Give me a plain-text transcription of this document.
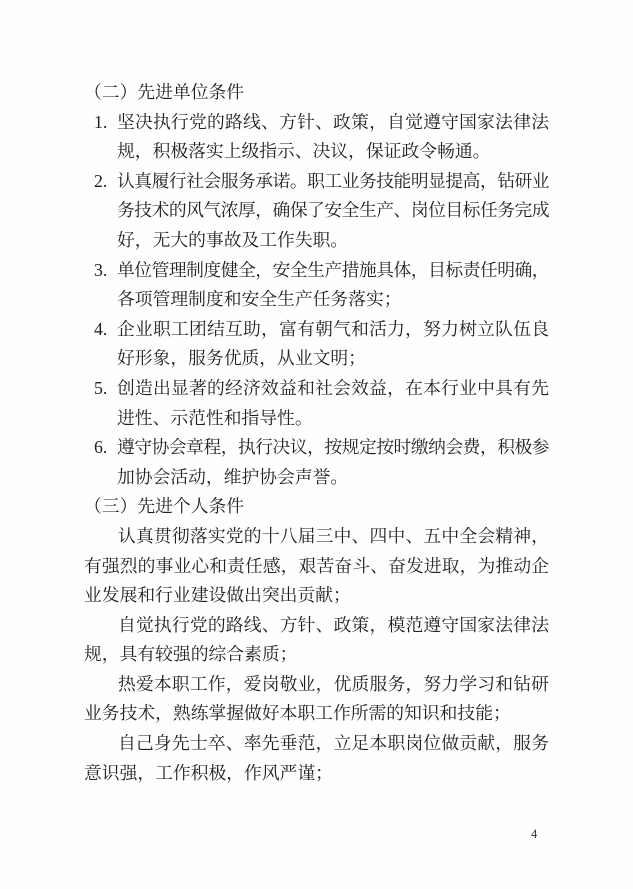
（二）先进单位条件
1. 坚决执行党的路线、方针、政策，自觉遵守国家法律法
规，积极落实上级指示、决议，保证政令畅通。
2. 认真履行社会服务承诺。职工业务技能明显提高，钻研业
务技术的风气浓厚，确保了安全生产、岗位目标任务完成
好，无大的事故及工作失职。
3. 单位管理制度健全，安全生产措施具体，目标责任明确，
各项管理制度和安全生产任务落实；
4. 企业职工团结互助，富有朝气和活力，努力树立队伍良
好形象，服务优质，从业文明；
5. 创造出显著的经济效益和社会效益，在本行业中具有先
进性、示范性和指导性。
6. 遵守协会章程，执行决议，按规定按时缴纳会费，积极参
加协会活动，维护协会声誉。
（三）先进个人条件
认真贯彻落实党的十八届三中、四中、五中全会精神，
有强烈的事业心和责任感，艰苦奋斗、奋发进取，为推动企
业发展和行业建设做出突出贡献；
自觉执行党的路线、方针、政策，模范遵守国家法律法
规，具有较强的综合素质；
热爱本职工作，爱岗敬业，优质服务，努力学习和钻研
业务技术，熟练掌握做好本职工作所需的知识和技能；
自己身先士卒、率先垂范，立足本职岗位做贡献，服务
意识强，工作积极，作风严谨；
4
